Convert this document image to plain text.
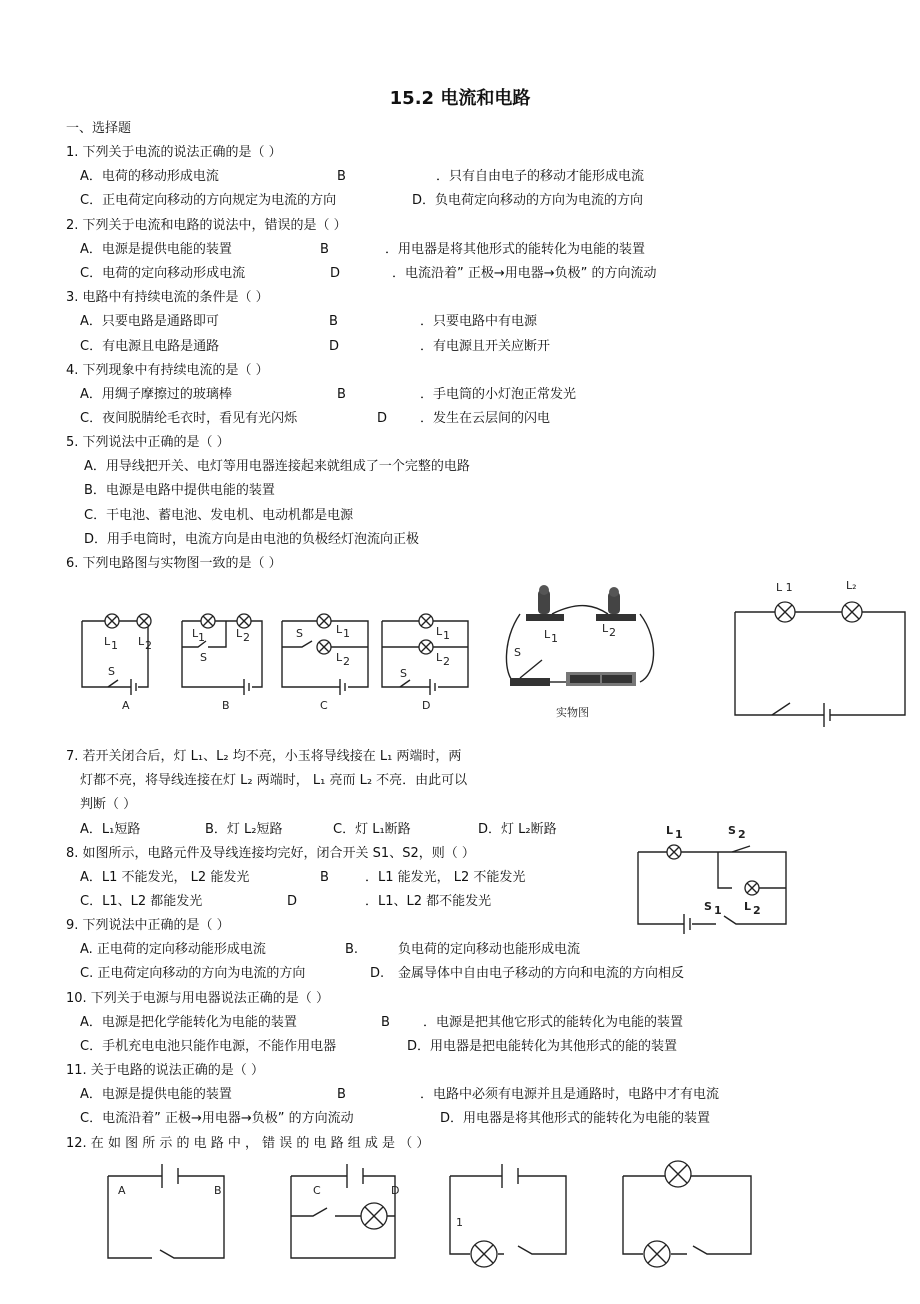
15.2 电流和电路
一、选择题
1. 下列关于电流的说法正确的是（ ）
A．电荷的移动形成电流	B	．只有自由电子的移动才能形成电流
C．正电荷定向移动的方向规定为电流的方向	D．负电荷定向移动的方向为电流的方向
2. 下列关于电流和电路的说法中，错误的是（ ）
A．电源是提供电能的装置	B	．用电器是将其他形式的能转化为电能的装置
C．电荷的定向移动形成电流	D	．电流沿着” 正极→用电器→负极” 的方向流动
3. 电路中有持续电流的条件是（ ）
A．只要电路是通路即可	B	．只要电路中有电源
C．有电源且电路是通路	D	．有电源且开关应断开
4. 下列现象中有持续电流的是（ ）
A．用绸子摩擦过的玻璃棒	B	．手电筒的小灯泡正常发光
C．夜间脱腈纶毛衣时，看见有光闪烁	D	．发生在云层间的闪电
5. 下列说法中正确的是（ ）
A．用导线把开关、电灯等用电器连接起来就组成了一个完整的电路
B．电源是电路中提供电能的装置
C．干电池、蓄电池、发电机、电动机都是电源
D．用手电筒时，电流方向是由电池的负极经灯泡流向正极
6. 下列电路图与实物图一致的是（ ）
7. 若开关闭合后，灯 L₁、L₂ 均不亮，小玉将导线接在 L₁ 两端时，两
灯都不亮，将导线连接在灯 L₂ 两端时， L₁ 亮而 L₂ 不亮．由此可以
判断（ ）
A．L₁短路	B．灯 L₂短路	C．灯 L₁断路	D．灯 L₂断路
8. 如图所示，电路元件及导线连接均完好，闭合开关 S1、S2，则（ ）
A．L1 不能发光， L2 能发光	B	．L1 能发光， L2 不能发光
C．L1、L2 都能发光	D	．L1、L2 都不能发光
9. 下列说法中正确的是（ ）
A. 正电荷的定向移动能形成电流	B.	负电荷的定向移动也能形成电流
C. 正电荷定向移动的方向为电流的方向	D. 金属导体中自由电子移动的方向和电流的方向相反
10. 下列关于电源与用电器说法正确的是（ ）
A．电源是把化学能转化为电能的装置	B	．电源是把其他它形式的能转化为电能的装置
C．手机充电电池只能作电源，不能作用电器	D．用电器是把电能转化为其他形式的能的装置
11. 关于电路的说法正确的是（ ）
A．电源是提供电能的装置	B	．电路中必须有电源并且是通路时，电路中才有电流
C．电流沿着” 正极→用电器→负极” 的方向流动	D．用电器是将其他形式的能转化为电能的装置
12. 在 如 图 所 示 的 电 路 中 ， 错 误 的 电 路 组 成 是 （ ）
L 1 L 2
S
A
L 1	L 2
S
B
L 1
L 2
S
C
L 1
L 2
S
D
L 1
L 2
S
实物图
L 1	L₂
L 1	S 2
S 1 L 2
A	B	C	D
1
